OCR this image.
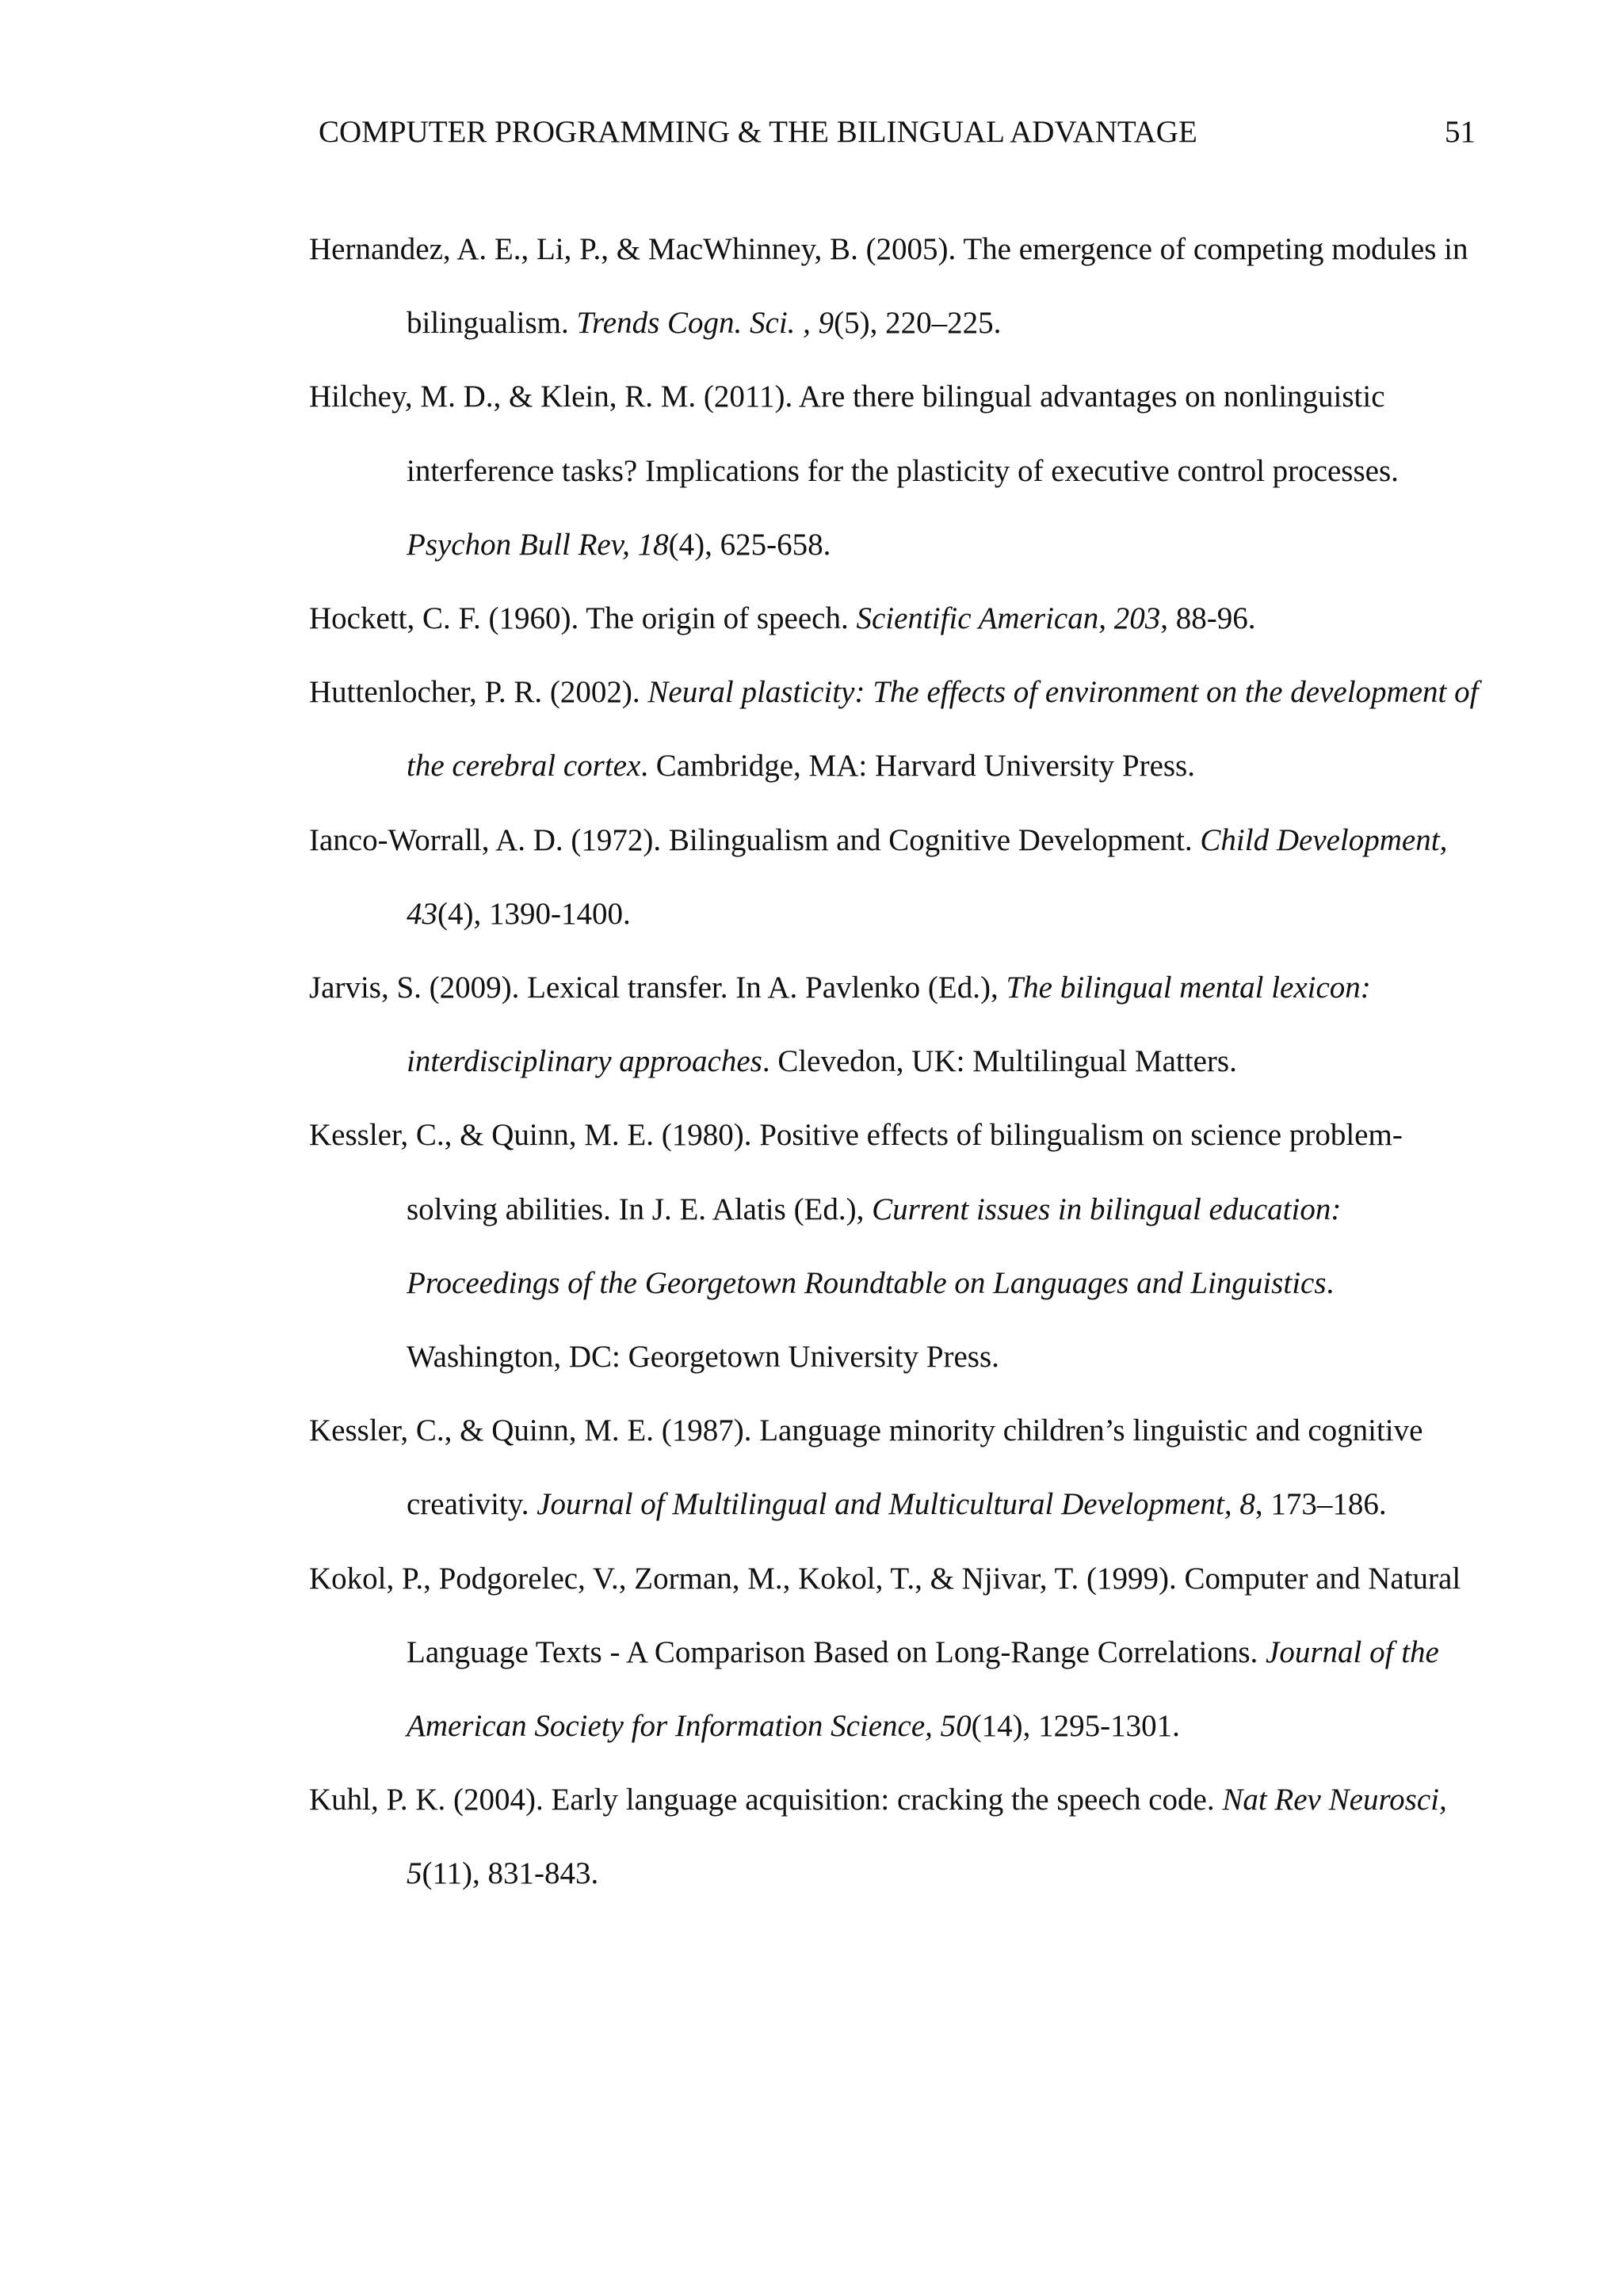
COMPUTER PROGRAMMING & THE BILINGUAL ADVANTAGE	51

Hernandez, A. E., Li, P., & MacWhinney, B. (2005). The emergence of competing modules in bilingualism. Trends Cogn. Sci. , 9(5), 220–225.

Hilchey, M. D., & Klein, R. M. (2011). Are there bilingual advantages on nonlinguistic interference tasks? Implications for the plasticity of executive control processes. Psychon Bull Rev, 18(4), 625-658.

Hockett, C. F. (1960). The origin of speech. Scientific American, 203, 88-96.

Huttenlocher, P. R. (2002). Neural plasticity: The effects of environment on the development of the cerebral cortex. Cambridge, MA: Harvard University Press.

Ianco-Worrall, A. D. (1972). Bilingualism and Cognitive Development. Child Development, 43(4), 1390-1400.

Jarvis, S. (2009). Lexical transfer. In A. Pavlenko (Ed.), The bilingual mental lexicon: interdisciplinary approaches. Clevedon, UK: Multilingual Matters.

Kessler, C., & Quinn, M. E. (1980). Positive effects of bilingualism on science problem-solving abilities. In J. E. Alatis (Ed.), Current issues in bilingual education: Proceedings of the Georgetown Roundtable on Languages and Linguistics. Washington, DC: Georgetown University Press.

Kessler, C., & Quinn, M. E. (1987). Language minority children’s linguistic and cognitive creativity. Journal of Multilingual and Multicultural Development, 8, 173–186.

Kokol, P., Podgorelec, V., Zorman, M., Kokol, T., & Njivar, T. (1999). Computer and Natural Language Texts - A Comparison Based on Long-Range Correlations. Journal of the American Society for Information Science, 50(14), 1295-1301.

Kuhl, P. K. (2004). Early language acquisition: cracking the speech code. Nat Rev Neurosci, 5(11), 831-843.
